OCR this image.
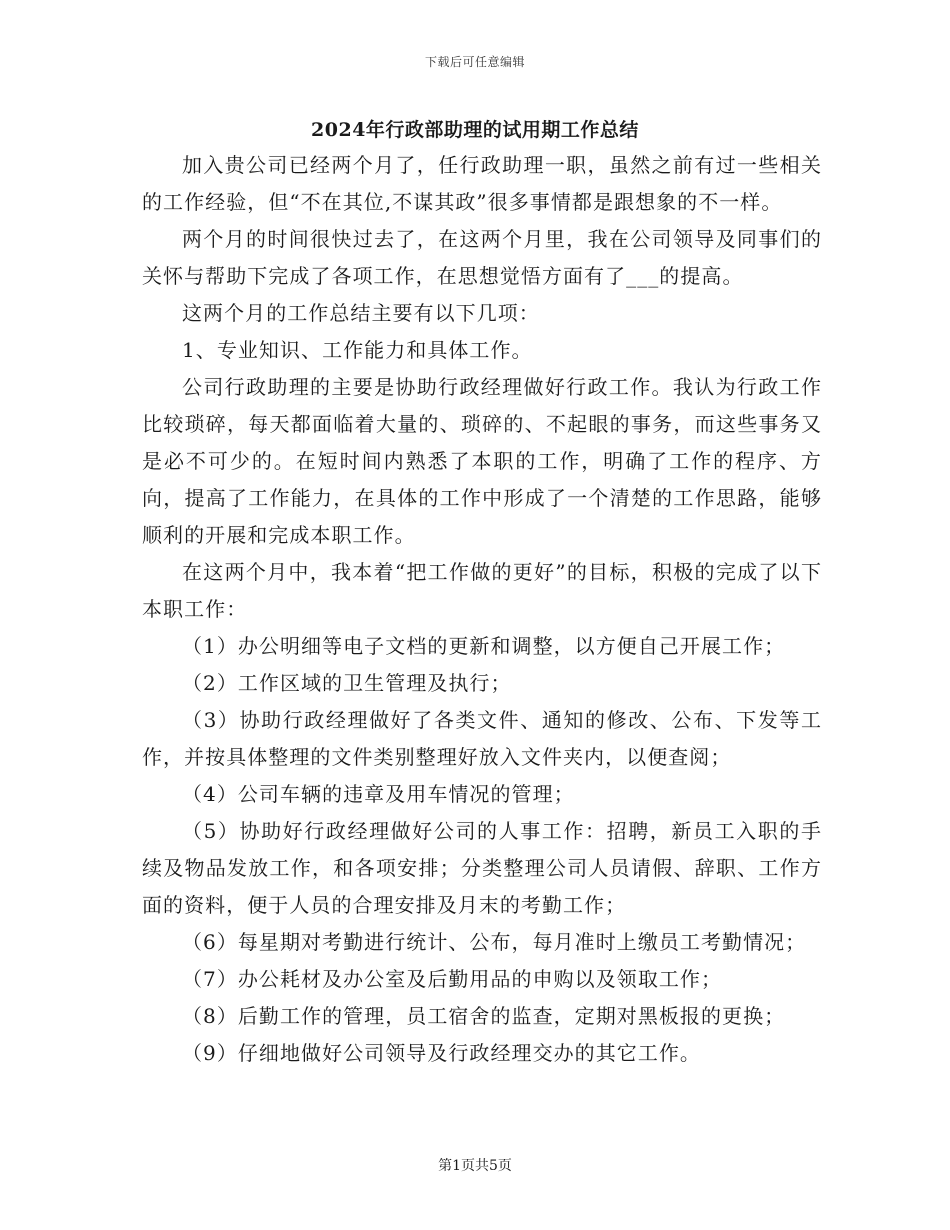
下载后可任意编辑
2024年行政部助理的试用期工作总结

加入贵公司已经两个月了，任行政助理一职，虽然之前有过一些相关的工作经验，但“不在其位,不谋其政”很多事情都是跟想象的不一样。

两个月的时间很快过去了，在这两个月里，我在公司领导及同事们的关怀与帮助下完成了各项工作，在思想觉悟方面有了___的提高。

这两个月的工作总结主要有以下几项：

1、专业知识、工作能力和具体工作。

公司行政助理的主要是协助行政经理做好行政工作。我认为行政工作比较琐碎，每天都面临着大量的、琐碎的、不起眼的事务，而这些事务又是必不可少的。在短时间内熟悉了本职的工作，明确了工作的程序、方向，提高了工作能力，在具体的工作中形成了一个清楚的工作思路，能够顺利的开展和完成本职工作。

在这两个月中，我本着“把工作做的更好”的目标，积极的完成了以下本职工作：

（1）办公明细等电子文档的更新和调整，以方便自己开展工作；

（2）工作区域的卫生管理及执行；

（3）协助行政经理做好了各类文件、通知的修改、公布、下发等工作，并按具体整理的文件类别整理好放入文件夹内，以便查阅；

（4）公司车辆的违章及用车情况的管理；

（5）协助好行政经理做好公司的人事工作：招聘，新员工入职的手续及物品发放工作，和各项安排；分类整理公司人员请假、辞职、工作方面的资料，便于人员的合理安排及月末的考勤工作；

（6）每星期对考勤进行统计、公布，每月准时上缴员工考勤情况；

（7）办公耗材及办公室及后勤用品的申购以及领取工作；

（8）后勤工作的管理，员工宿舍的监查，定期对黑板报的更换；

（9）仔细地做好公司领导及行政经理交办的其它工作。

第1页共5页
